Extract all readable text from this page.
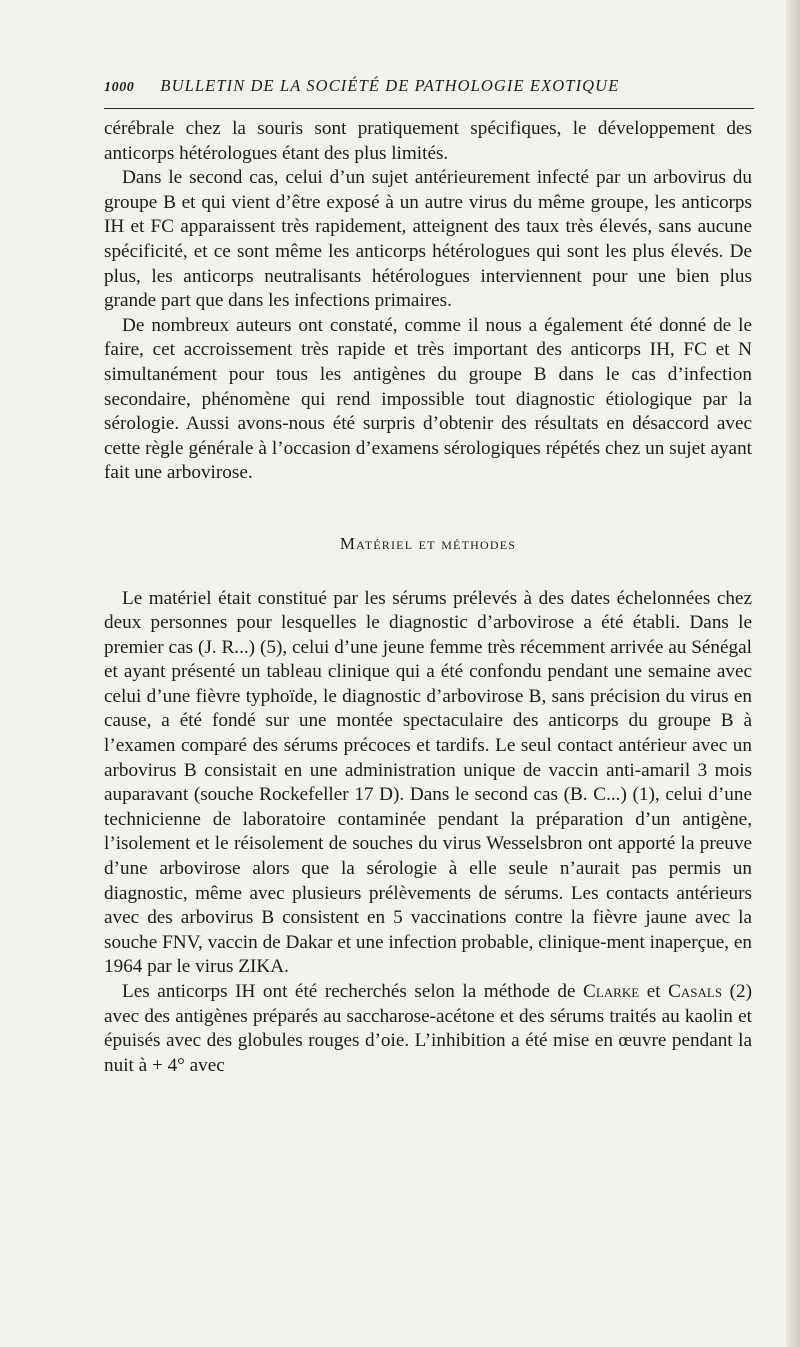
1000 BULLETIN DE LA SOCIÉTÉ DE PATHOLOGIE EXOTIQUE

cérébrale chez la souris sont pratiquement spécifiques, le développement des anticorps hétérologues étant des plus limités.

Dans le second cas, celui d’un sujet antérieurement infecté par un arbovirus du groupe B et qui vient d’être exposé à un autre virus du même groupe, les anticorps IH et FC apparaissent très rapidement, atteignent des taux très élevés, sans aucune spécificité, et ce sont même les anticorps hétérologues qui sont les plus élevés. De plus, les anticorps neutralisants hétérologues interviennent pour une bien plus grande part que dans les infections primaires.

De nombreux auteurs ont constaté, comme il nous a également été donné de le faire, cet accroissement très rapide et très important des anticorps IH, FC et N simultanément pour tous les antigènes du groupe B dans le cas d’infection secondaire, phénomène qui rend impossible tout diagnostic étiologique par la sérologie. Aussi avons-nous été surpris d’obtenir des résultats en désaccord avec cette règle générale à l’occasion d’examens sérologiques répétés chez un sujet ayant fait une arbovirose.

Matériel et méthodes

Le matériel était constitué par les sérums prélevés à des dates échelonnées chez deux personnes pour lesquelles le diagnostic d’arbovirose a été établi. Dans le premier cas (J. R...) (5), celui d’une jeune femme très récemment arrivée au Sénégal et ayant présenté un tableau clinique qui a été confondu pendant une semaine avec celui d’une fièvre typhoïde, le diagnostic d’arbovirose B, sans précision du virus en cause, a été fondé sur une montée spectaculaire des anticorps du groupe B à l’examen comparé des sérums précoces et tardifs. Le seul contact antérieur avec un arbovirus B consistait en une administration unique de vaccin anti-amaril 3 mois auparavant (souche Rockefeller 17 D). Dans le second cas (B. C...) (1), celui d’une technicienne de laboratoire contaminée pendant la préparation d’un antigène, l’isolement et le réisolement de souches du virus Wesselsbron ont apporté la preuve d’une arbovirose alors que la sérologie à elle seule n’aurait pas permis un diagnostic, même avec plusieurs prélèvements de sérums. Les contacts antérieurs avec des arbovirus B consistent en 5 vaccinations contre la fièvre jaune avec la souche FNV, vaccin de Dakar et une infection probable, clinique-ment inaperçue, en 1964 par le virus ZIKA.

Les anticorps IH ont été recherchés selon la méthode de Clarke et Casals (2) avec des antigènes préparés au saccharose-acétone et des sérums traités au kaolin et épuisés avec des globules rouges d’oie. L’inhibition a été mise en œuvre pendant la nuit à + 4° avec
